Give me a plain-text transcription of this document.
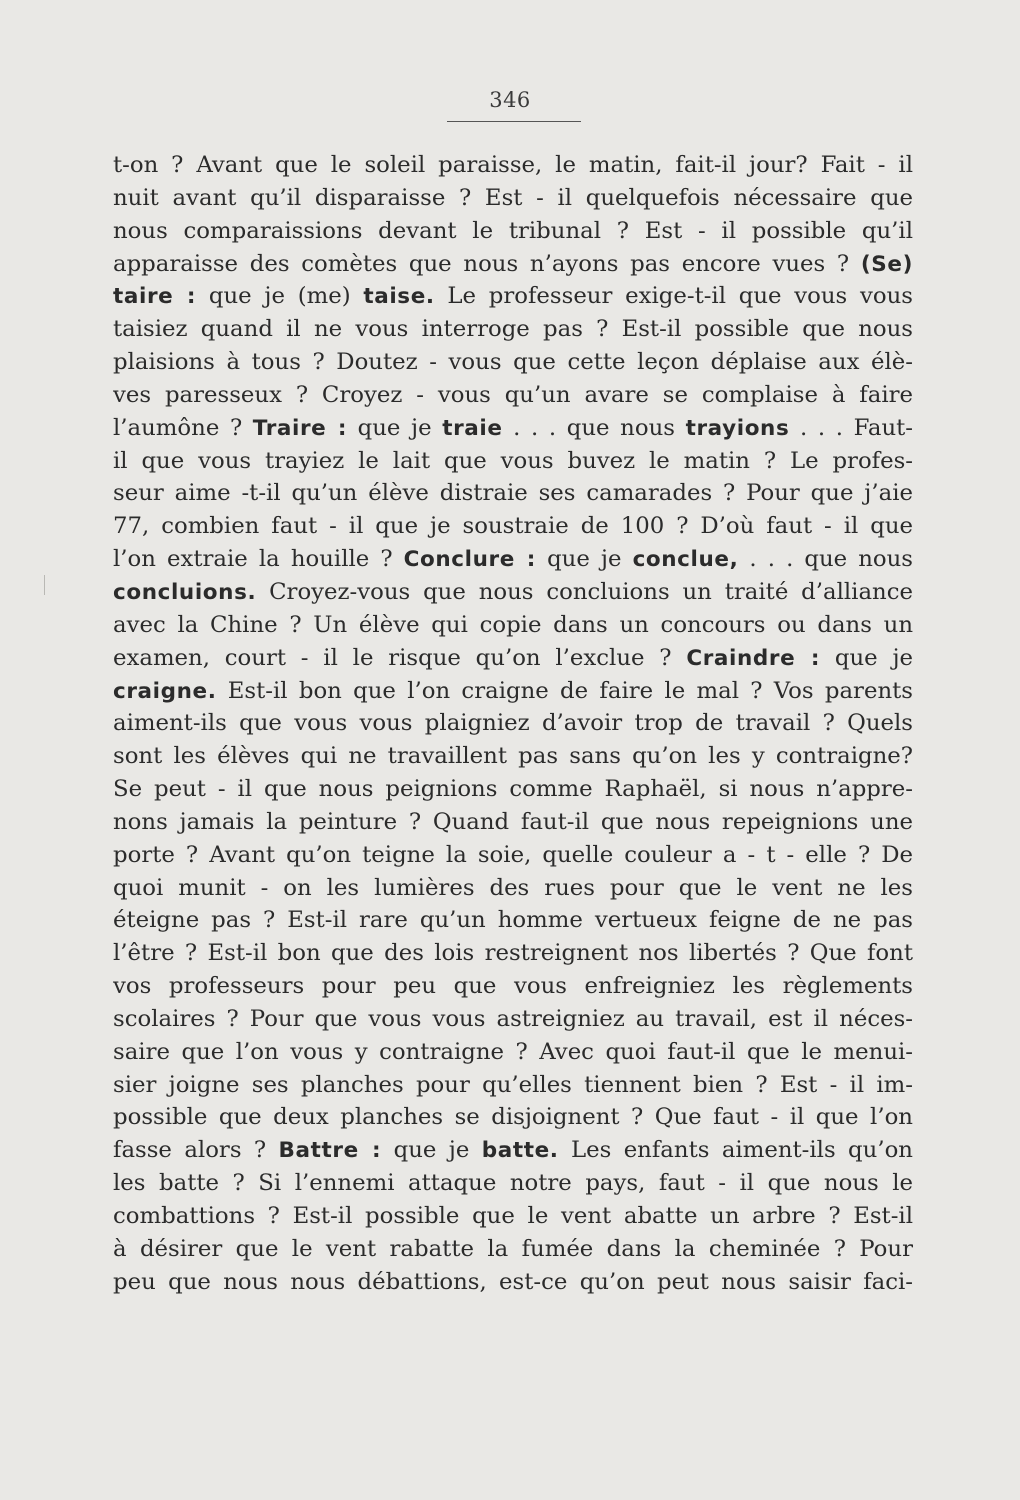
346
t-on ? Avant que le soleil paraisse, le matin, fait-il jour? Fait - il
nuit avant qu’il disparaisse ? Est - il quelquefois nécessaire que
nous comparaissions devant le tribunal ? Est - il possible qu’il
apparaisse des comètes que nous n’ayons pas encore vues ? (Se)
taire : que je (me) taise. Le professeur exige-t-il que vous vous
taisiez quand il ne vous interroge pas ? Est-il possible que nous
plaisions à tous ? Doutez - vous que cette leçon déplaise aux élè-
ves paresseux ? Croyez - vous qu’un avare se complaise à faire
l’aumône ? Traire : que je traie . . . que nous trayions . . . Faut-
il que vous trayiez le lait que vous buvez le matin ? Le profes-
seur aime -t-il qu’un élève distraie ses camarades ? Pour que j’aie
77, combien faut - il que je soustraie de 100 ? D’où faut - il que
l’on extraie la houille ? Conclure : que je conclue, . . . que nous
concluions. Croyez-vous que nous concluions un traité d’alliance
avec la Chine ? Un élève qui copie dans un concours ou dans un
examen, court - il le risque qu’on l’exclue ? Craindre : que je
craigne. Est-il bon que l’on craigne de faire le mal ? Vos parents
aiment-ils que vous vous plaigniez d’avoir trop de travail ? Quels
sont les élèves qui ne travaillent pas sans qu’on les y contraigne?
Se peut - il que nous peignions comme Raphaël, si nous n’appre-
nons jamais la peinture ? Quand faut-il que nous repeignions une
porte ? Avant qu’on teigne la soie, quelle couleur a - t - elle ? De
quoi munit - on les lumières des rues pour que le vent ne les
éteigne pas ? Est-il rare qu’un homme vertueux feigne de ne pas
l’être ? Est-il bon que des lois restreignent nos libertés ? Que font
vos professeurs pour peu que vous enfreigniez les règlements
scolaires ? Pour que vous vous astreigniez au travail, est il néces-
saire que l’on vous y contraigne ? Avec quoi faut-il que le menui-
sier joigne ses planches pour qu’elles tiennent bien ? Est - il im-
possible que deux planches se disjoignent ? Que faut - il que l’on
fasse alors ? Battre : que je batte. Les enfants aiment-ils qu’on
les batte ? Si l’ennemi attaque notre pays, faut - il que nous le
combattions ? Est-il possible que le vent abatte un arbre ? Est-il
à désirer que le vent rabatte la fumée dans la cheminée ? Pour
peu que nous nous débattions, est-ce qu’on peut nous saisir faci-
